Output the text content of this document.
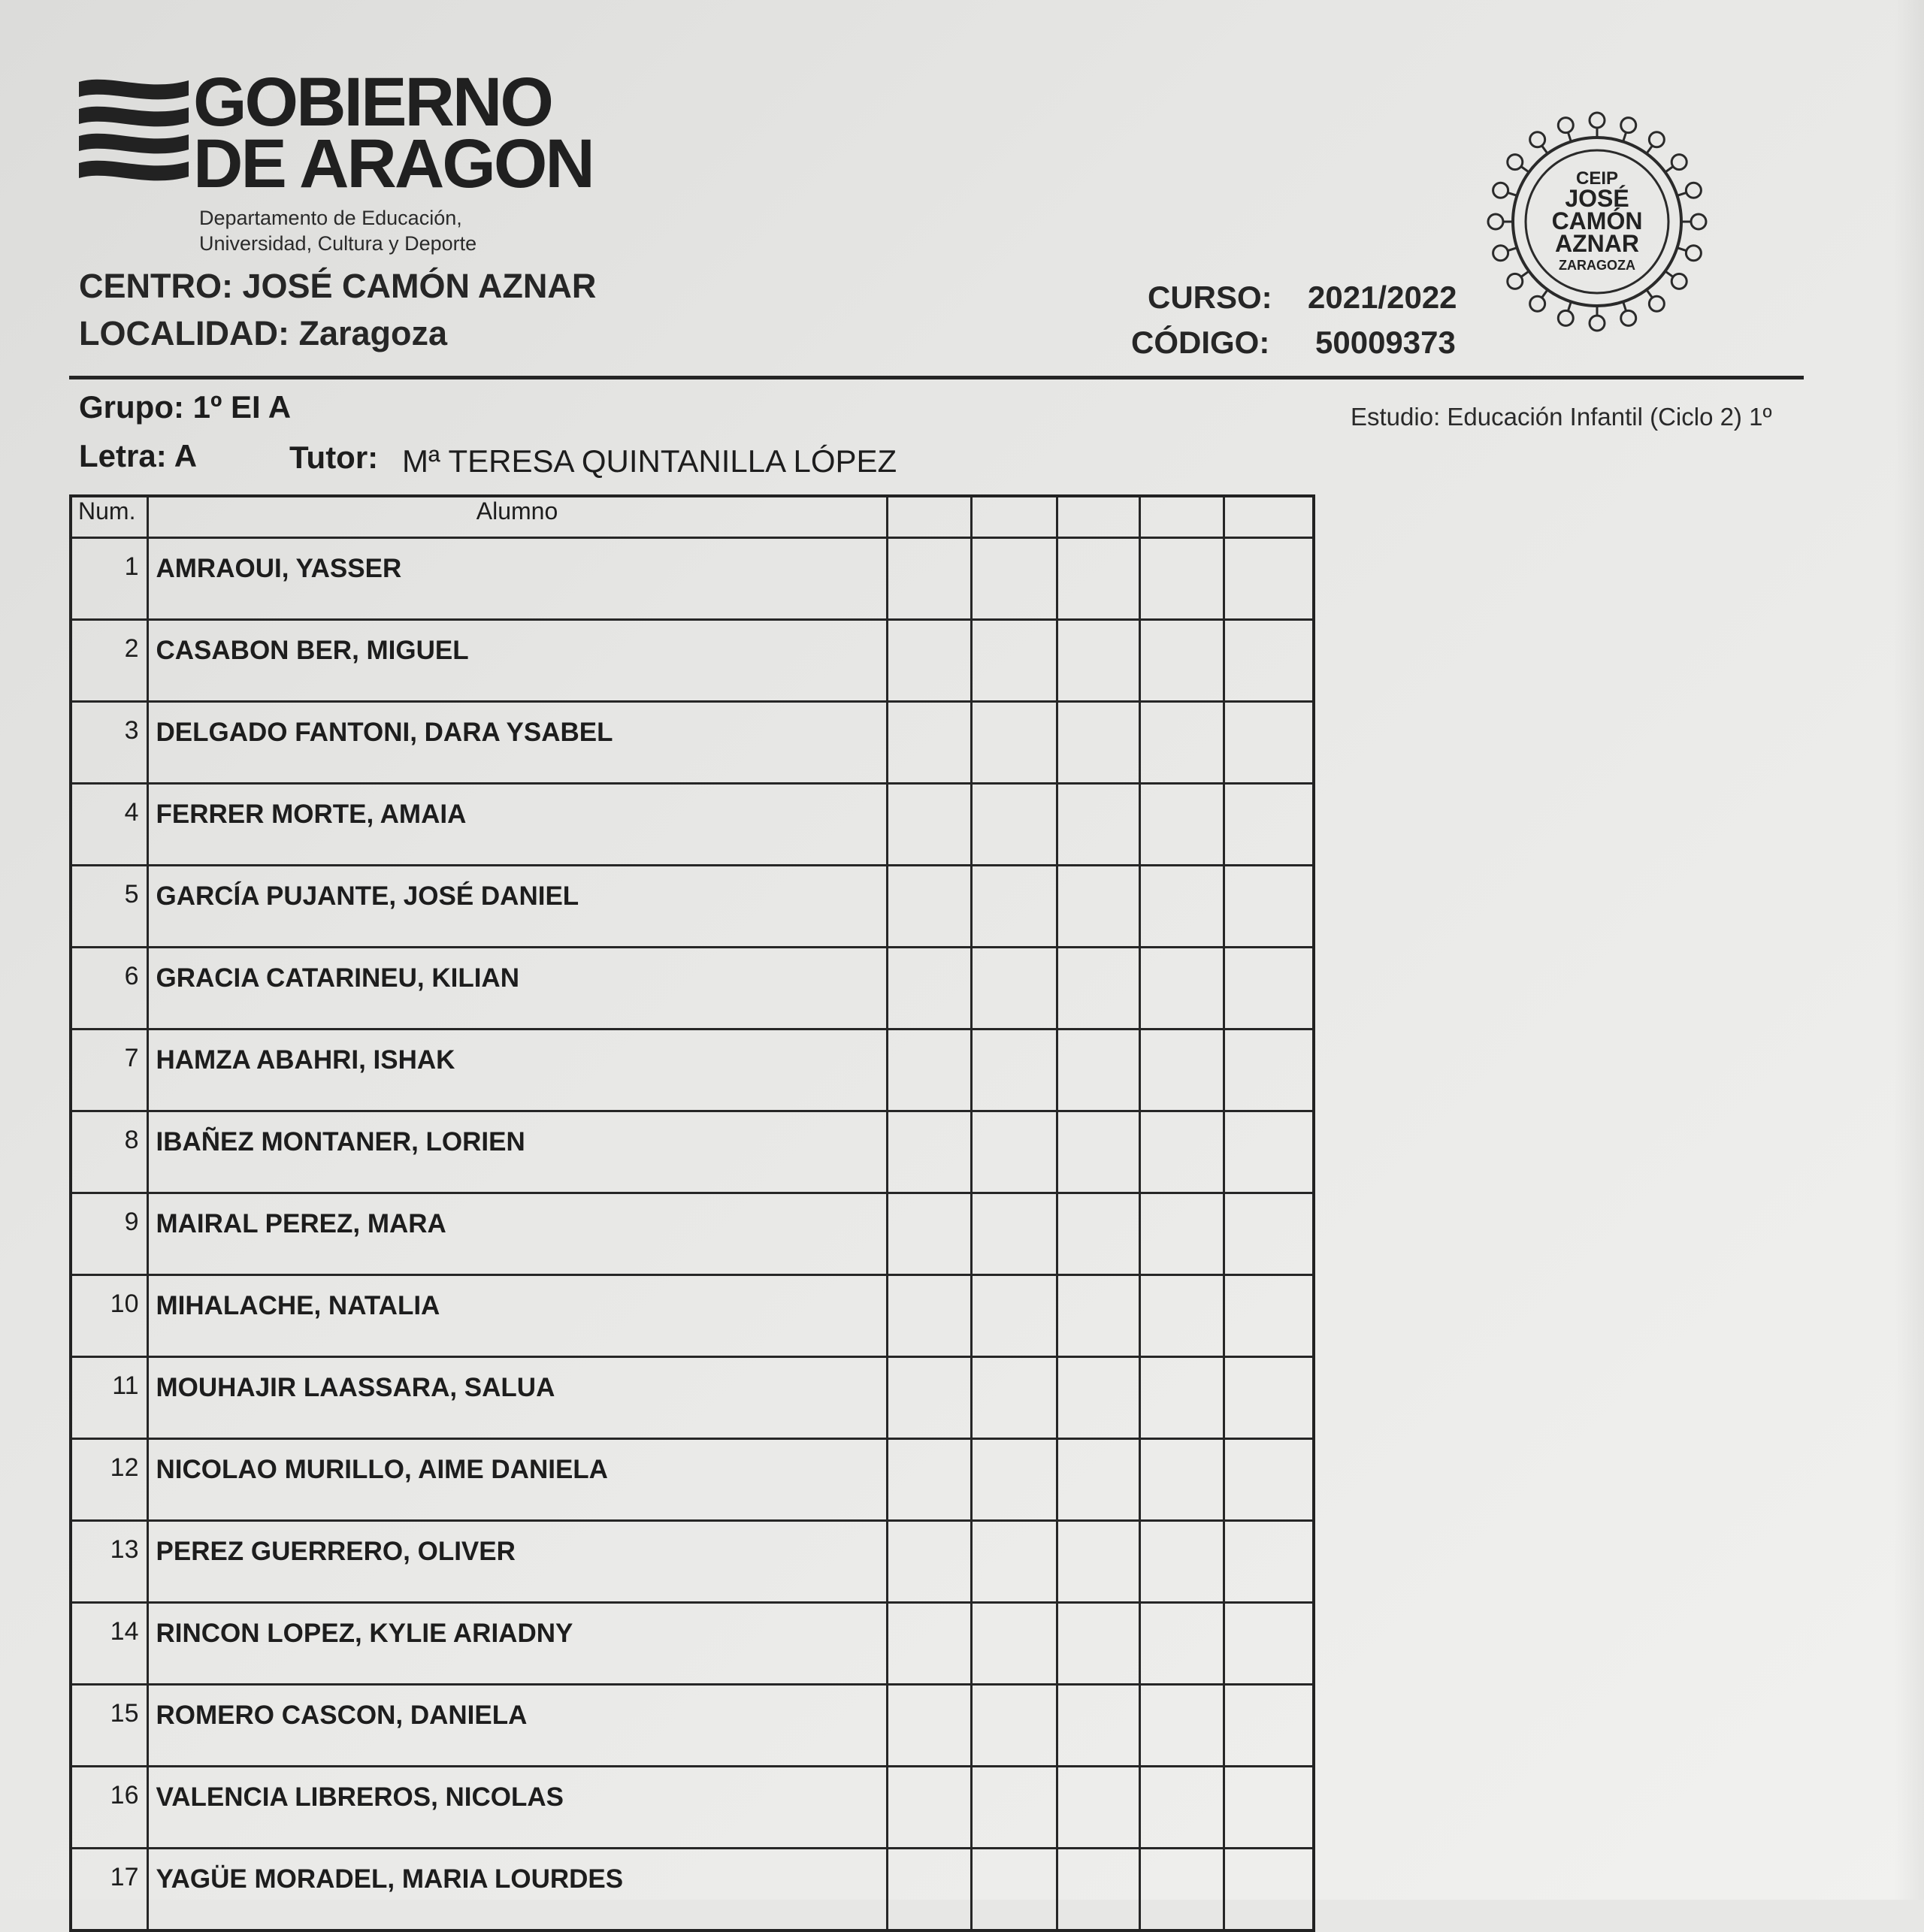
GOBIERNO
DE ARAGON
Departamento de Educación,
Universidad, Cultura y Deporte
CENTRO: JOSÉ CAMÓN AZNAR
LOCALIDAD: Zaragoza
CURSO: 2021/2022
CÓDIGO: 50009373
CEIP
JOSÉ
CAMÓN
AZNAR
ZARAGOZA
Grupo: 1º EI A	Estudio: Educación Infantil (Ciclo 2) 1º
Letra: A	Tutor: Mª TERESA QUINTANILLA LÓPEZ
Num.	Alumno					
1	AMRAOUI, YASSER					
2	CASABON BER, MIGUEL					
3	DELGADO FANTONI, DARA YSABEL					
4	FERRER MORTE, AMAIA					
5	GARCÍA PUJANTE, JOSÉ DANIEL					
6	GRACIA CATARINEU, KILIAN					
7	HAMZA ABAHRI, ISHAK					
8	IBAÑEZ MONTANER, LORIEN					
9	MAIRAL PEREZ, MARA					
10	MIHALACHE, NATALIA					
11	MOUHAJIR LAASSARA, SALUA					
12	NICOLAO MURILLO, AIME DANIELA					
13	PEREZ GUERRERO, OLIVER					
14	RINCON LOPEZ, KYLIE ARIADNY					
15	ROMERO CASCON, DANIELA					
16	VALENCIA LIBREROS, NICOLAS					
17	YAGÜE MORADEL, MARIA LOURDES					
